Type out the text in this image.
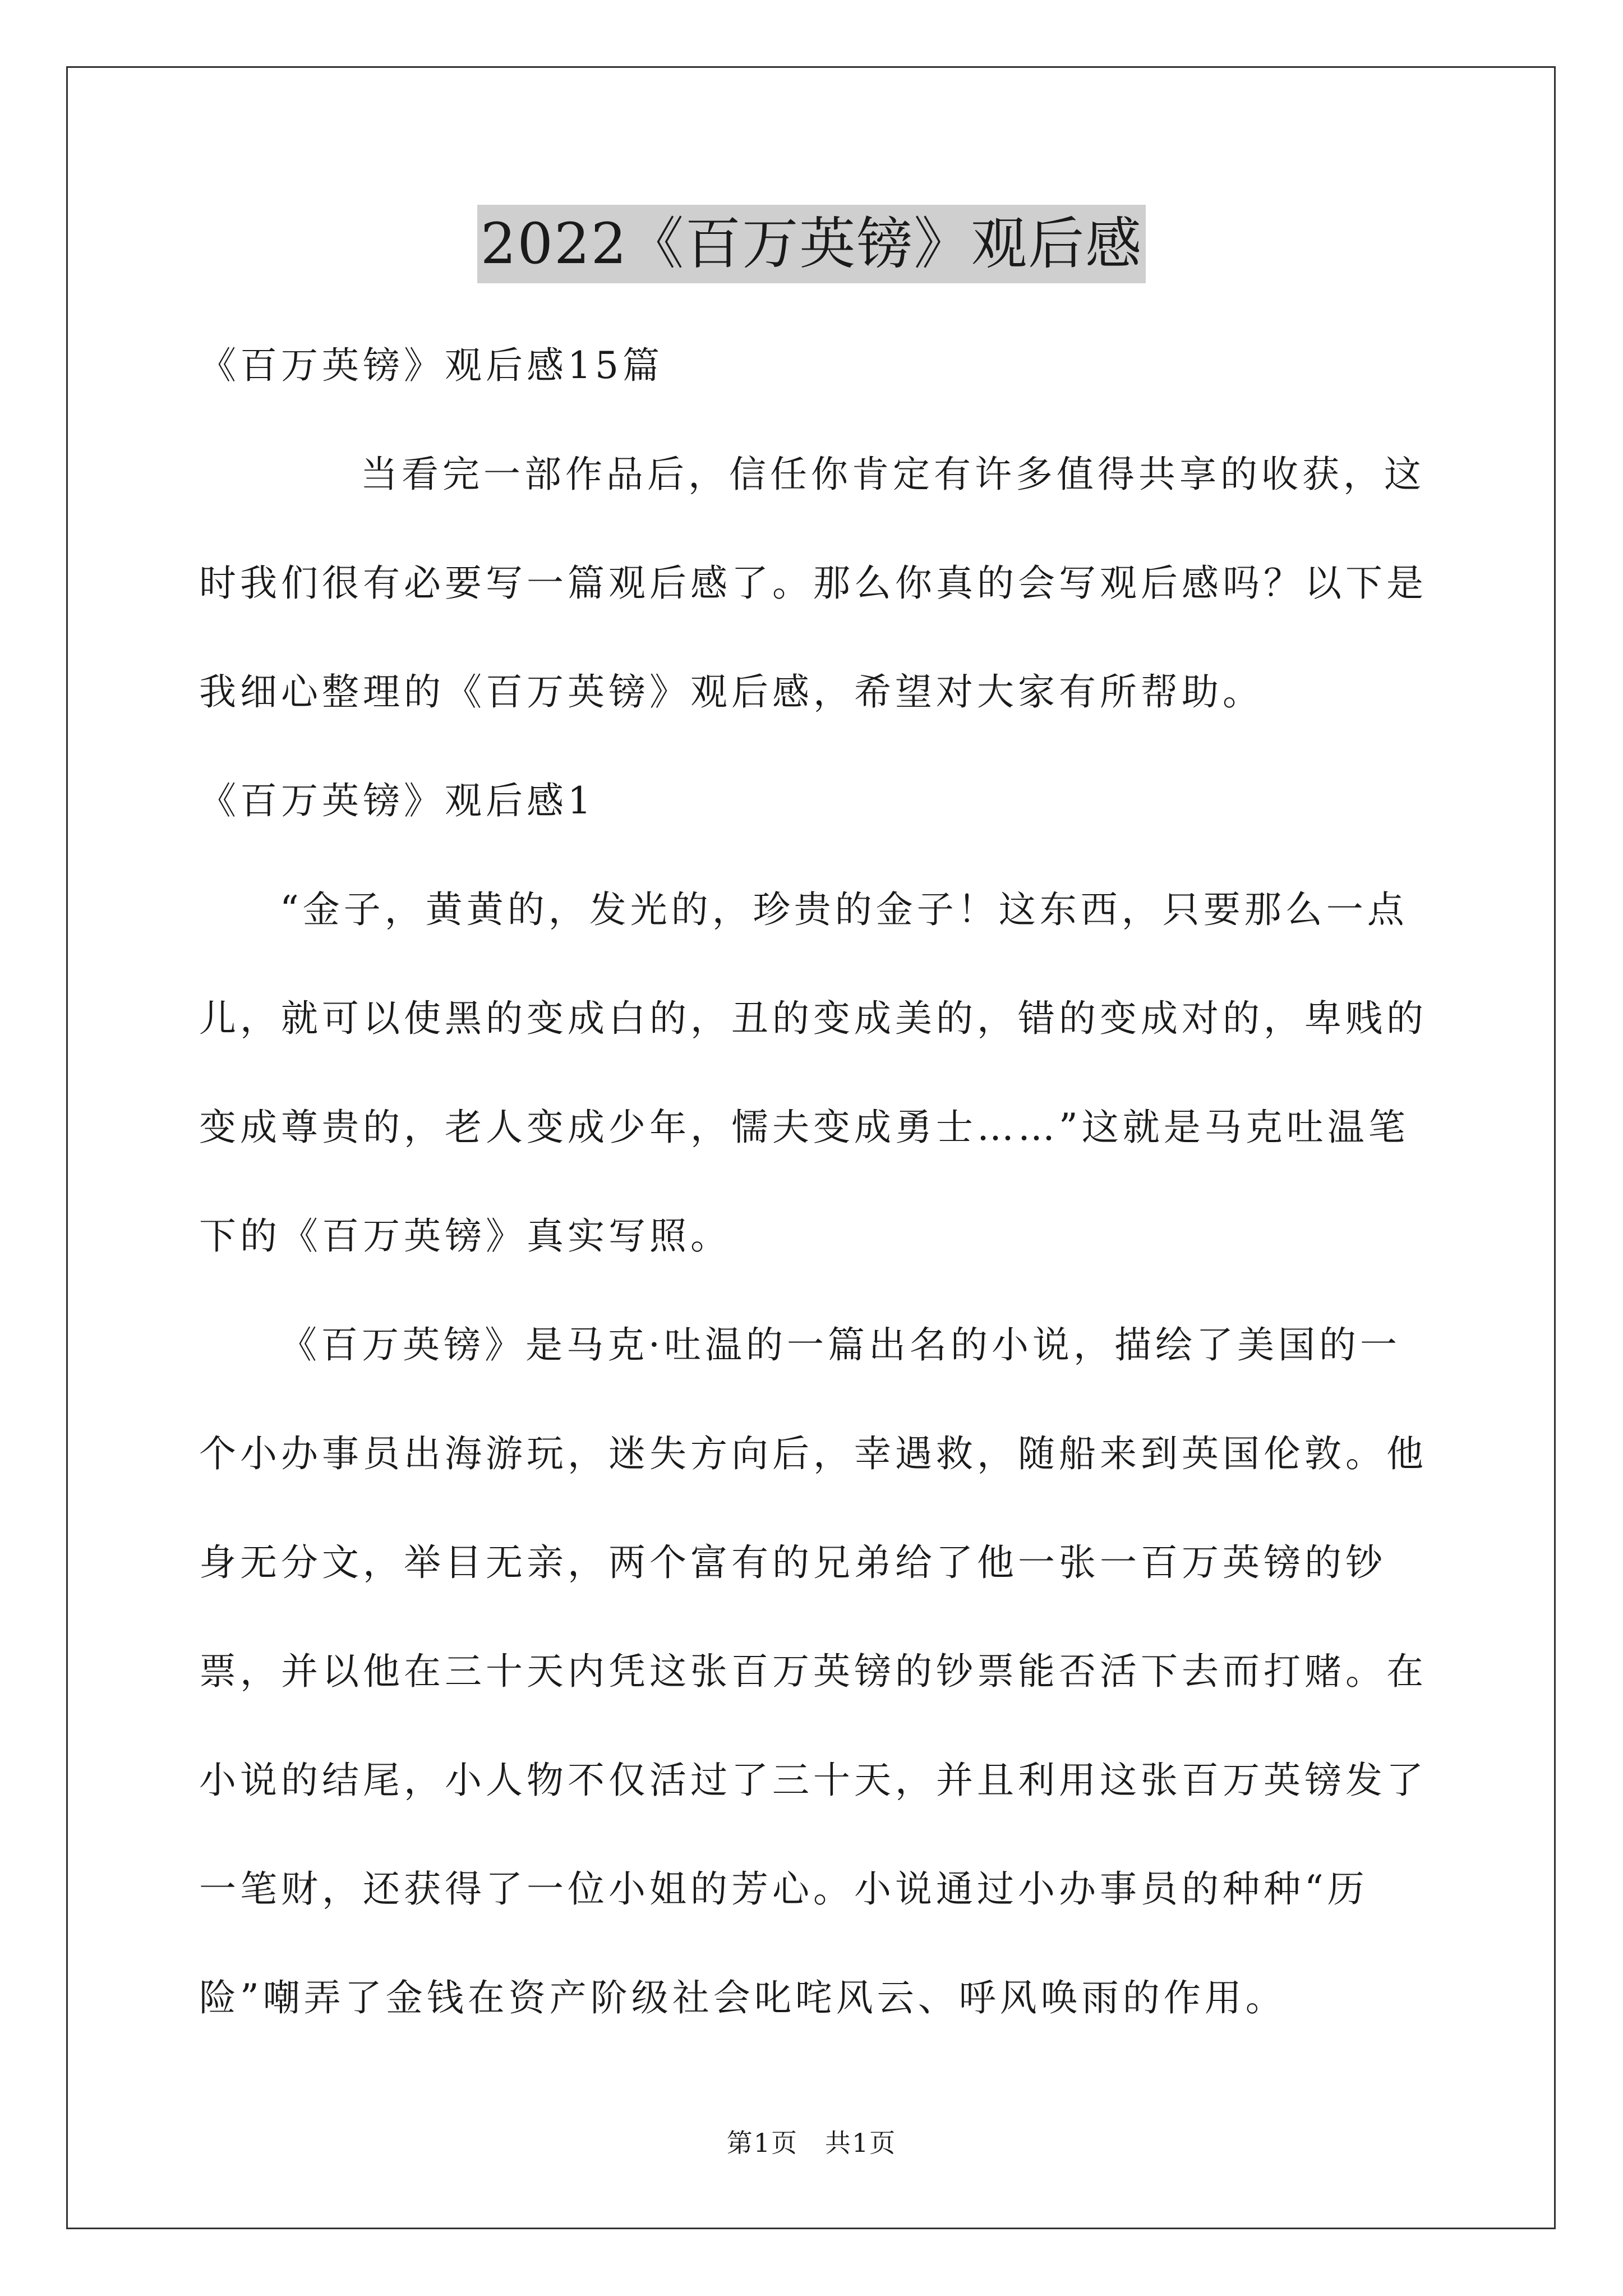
2022《百万英镑》观后感

《百万英镑》观后感15篇

当看完一部作品后，信任你肯定有许多值得共享的收获，这时我们很有必要写一篇观后感了。那么你真的会写观后感吗？以下是我细心整理的《百万英镑》观后感，希望对大家有所帮助。

《百万英镑》观后感1

“金子，黄黄的，发光的，珍贵的金子！这东西，只要那么一点儿，就可以使黑的变成白的，丑的变成美的，错的变成对的，卑贱的变成尊贵的，老人变成少年，懦夫变成勇士……”这就是马克吐温笔下的《百万英镑》真实写照。

《百万英镑》是马克·吐温的一篇出名的小说，描绘了美国的一个小办事员出海游玩，迷失方向后，幸遇救，随船来到英国伦敦。他身无分文，举目无亲，两个富有的兄弟给了他一张一百万英镑的钞票，并以他在三十天内凭这张百万英镑的钞票能否活下去而打赌。在小说的结尾，小人物不仅活过了三十天，并且利用这张百万英镑发了一笔财，还获得了一位小姐的芳心。小说通过小办事员的种种“历险”嘲弄了金钱在资产阶级社会叱咤风云、呼风唤雨的作用。

第1页 共1页
